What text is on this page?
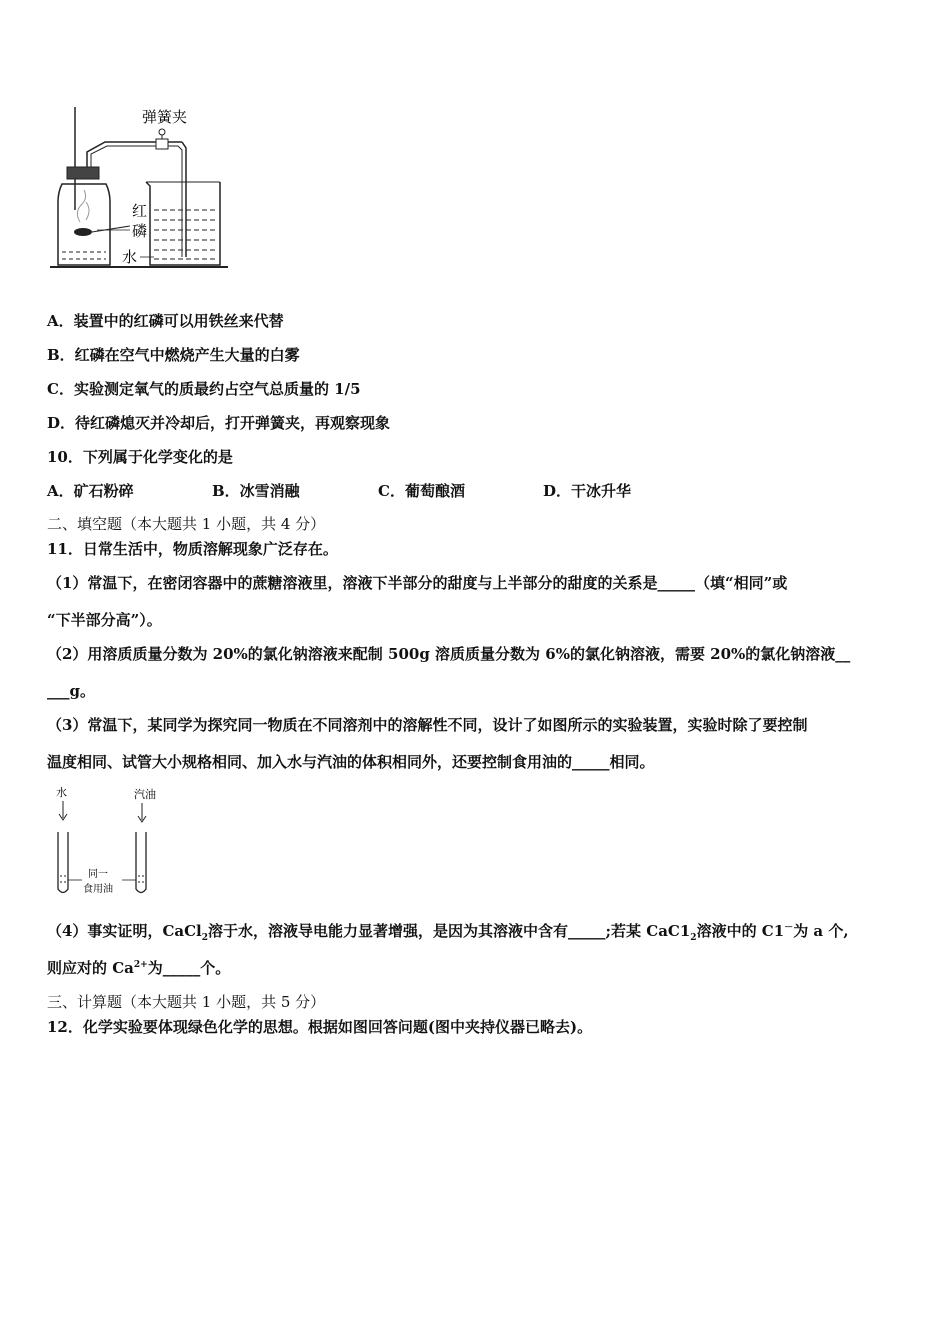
弹簧夹
红
磷
水
A．装置中的红磷可以用铁丝来代替
B．红磷在空气中燃烧产生大量的白雾
C．实验测定氧气的质最约占空气总质量的 1/5
D．待红磷熄灭并冷却后，打开弹簧夹，再观察现象
10．下列属于化学变化的是
A．矿石粉碎	B．冰雪消融	C．葡萄酿酒	D．干冰升华
二、填空题（本大题共 1 小题，共 4 分）
11．日常生活中，物质溶解现象广泛存在。
（1）常温下，在密闭容器中的蔗糖溶液里，溶液下半部分的甜度与上半部分的甜度的关系是_____（填“相同”或
“下半部分高”）。
（2）用溶质质量分数为 20%的氯化钠溶液来配制 500g 溶质质量分数为 6%的氯化钠溶液，需要 20%的氯化钠溶液__
___g。
（3）常温下，某同学为探究同一物质在不同溶剂中的溶解性不同，设计了如图所示的实验装置，实验时除了要控制
温度相同、试管大小规格相同、加入水与汽油的体积相同外，还要控制食用油的_____相同。
水	汽油
同一
食用油
（4）事实证明，CaCl$_2$溶于水，溶液导电能力显著增强，是因为其溶液中含有_____;若某 $CaC1_2$溶液中的 C1－为 a 个,
则应对的 $Ca^{2+}$为_____个。
三、计算题（本大题共 1 小题，共 5 分）
12．化学实验要体现绿色化学的思想。根据如图回答问题(图中夹持仪器已略去)。
